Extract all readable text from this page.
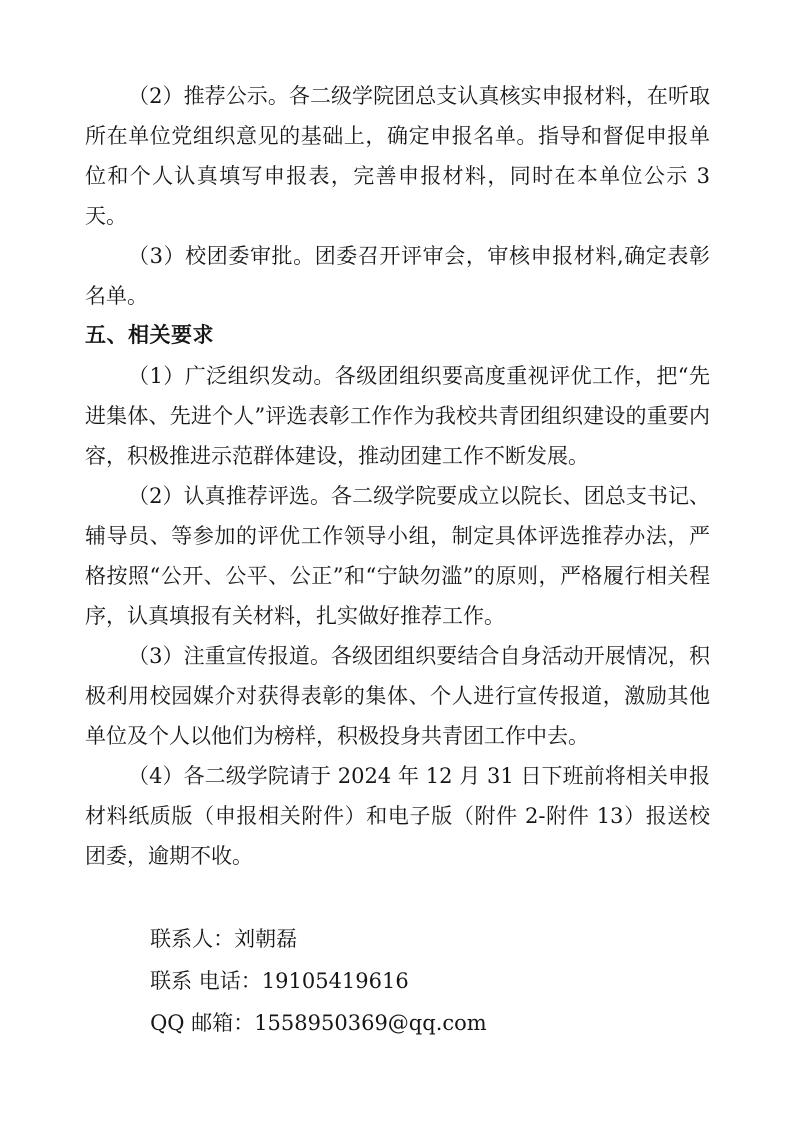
（2）推荐公示。各二级学院团总支认真核实申报材料，在听取所在单位党组织意见的基础上，确定申报名单。指导和督促申报单位和个人认真填写申报表，完善申报材料，同时在本单位公示 3 天。

（3）校团委审批。团委召开评审会，审核申报材料,确定表彰名单。

五、相关要求

（1）广泛组织发动。各级团组织要高度重视评优工作，把“先进集体、先进个人”评选表彰工作作为我校共青团组织建设的重要内容，积极推进示范群体建设，推动团建工作不断发展。

（2）认真推荐评选。各二级学院要成立以院长、团总支书记、辅导员、等参加的评优工作领导小组，制定具体评选推荐办法，严格按照“公开、公平、公正”和“宁缺勿滥”的原则，严格履行相关程序，认真填报有关材料，扎实做好推荐工作。

（3）注重宣传报道。各级团组织要结合自身活动开展情况，积极利用校园媒介对获得表彰的集体、个人进行宣传报道，激励其他单位及个人以他们为榜样，积极投身共青团工作中去。

（4）各二级学院请于 2024 年 12 月 31 日下班前将相关申报材料纸质版（申报相关附件）和电子版（附件 2-附件 13）报送校团委，逾期不收。

联系人：刘朝磊

联系 电话：19105419616

QQ 邮箱：1558950369@qq.com
